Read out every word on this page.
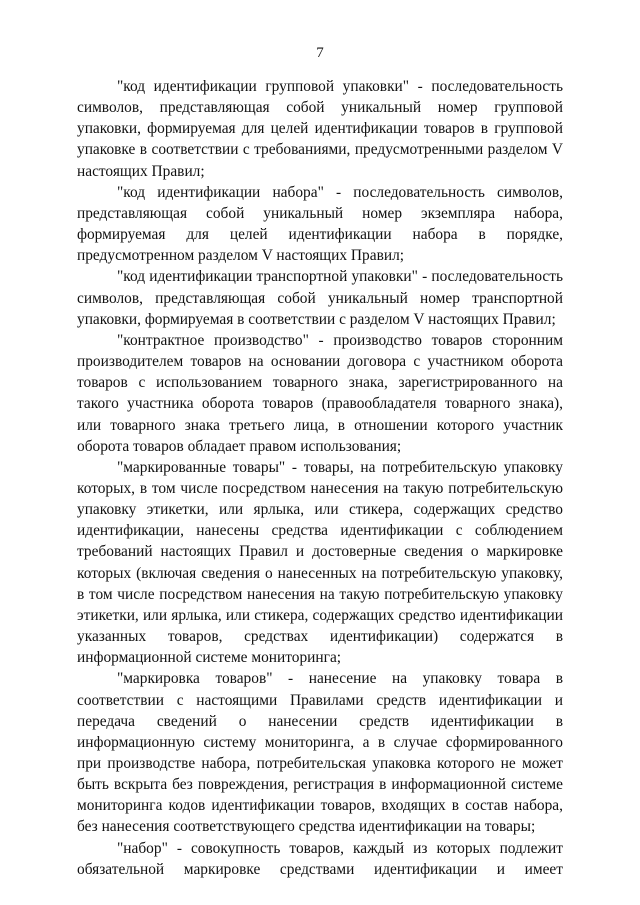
7

"код идентификации групповой упаковки" - последовательность символов, представляющая собой уникальный номер групповой упаковки, формируемая для целей идентификации товаров в групповой упаковке в соответствии с требованиями, предусмотренными разделом V настоящих Правил;

"код идентификации набора" - последовательность символов, представляющая собой уникальный номер экземпляра набора, формируемая для целей идентификации набора в порядке, предусмотренном разделом V настоящих Правил;

"код идентификации транспортной упаковки" - последовательность символов, представляющая собой уникальный номер транспортной упаковки, формируемая в соответствии с разделом V настоящих Правил;

"контрактное производство" - производство товаров сторонним производителем товаров на основании договора с участником оборота товаров с использованием товарного знака, зарегистрированного на такого участника оборота товаров (правообладателя товарного знака), или товарного знака третьего лица, в отношении которого участник оборота товаров обладает правом использования;

"маркированные товары" - товары, на потребительскую упаковку которых, в том числе посредством нанесения на такую потребительскую упаковку этикетки, или ярлыка, или стикера, содержащих средство идентификации, нанесены средства идентификации с соблюдением требований настоящих Правил и достоверные сведения о маркировке которых (включая сведения о нанесенных на потребительскую упаковку, в том числе посредством нанесения на такую потребительскую упаковку этикетки, или ярлыка, или стикера, содержащих средство идентификации указанных товаров, средствах идентификации) содержатся в информационной системе мониторинга;

"маркировка товаров" - нанесение на упаковку товара в соответствии с настоящими Правилами средств идентификации и передача сведений о нанесении средств идентификации в информационную систему мониторинга, а в случае сформированного при производстве набора, потребительская упаковка которого не может быть вскрыта без повреждения, регистрация в информационной системе мониторинга кодов идентификации товаров, входящих в состав набора, без нанесения соответствующего средства идентификации на товары;

"набор" - совокупность товаров, каждый из которых подлежит обязательной маркировке средствами идентификации и имеет
